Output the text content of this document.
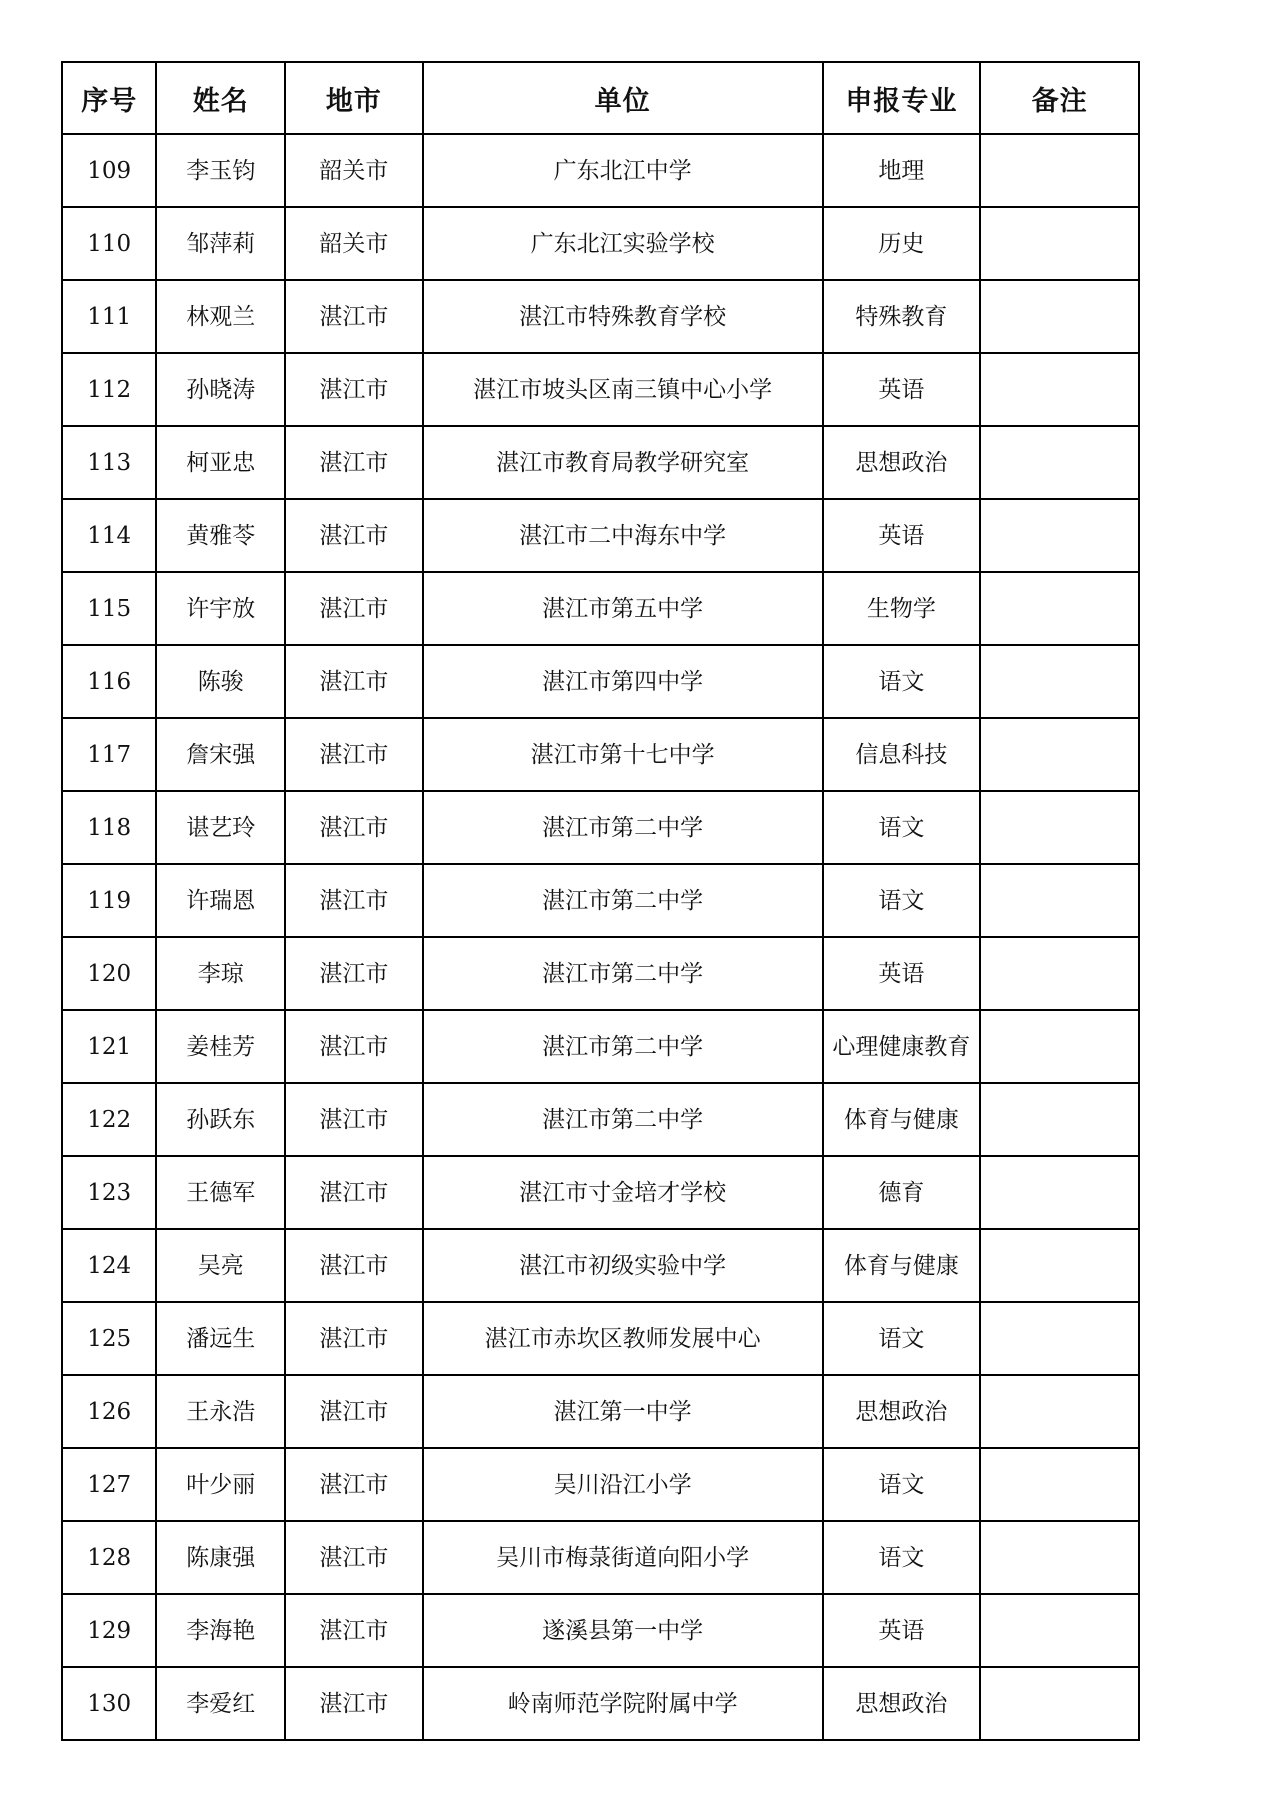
序号	姓名	地市	单位	申报专业	备注
109	李玉钧	韶关市	广东北江中学	地理	
110	邹萍莉	韶关市	广东北江实验学校	历史	
111	林观兰	湛江市	湛江市特殊教育学校	特殊教育	
112	孙晓涛	湛江市	湛江市坡头区南三镇中心小学	英语	
113	柯亚忠	湛江市	湛江市教育局教学研究室	思想政治	
114	黄雅苓	湛江市	湛江市二中海东中学	英语	
115	许宇放	湛江市	湛江市第五中学	生物学	
116	陈骏	湛江市	湛江市第四中学	语文	
117	詹宋强	湛江市	湛江市第十七中学	信息科技	
118	谌艺玲	湛江市	湛江市第二中学	语文	
119	许瑞恩	湛江市	湛江市第二中学	语文	
120	李琼	湛江市	湛江市第二中学	英语	
121	姜桂芳	湛江市	湛江市第二中学	心理健康教育	
122	孙跃东	湛江市	湛江市第二中学	体育与健康	
123	王德军	湛江市	湛江市寸金培才学校	德育	
124	吴亮	湛江市	湛江市初级实验中学	体育与健康	
125	潘远生	湛江市	湛江市赤坎区教师发展中心	语文	
126	王永浩	湛江市	湛江第一中学	思想政治	
127	叶少丽	湛江市	吴川沿江小学	语文	
128	陈康强	湛江市	吴川市梅菉街道向阳小学	语文	
129	李海艳	湛江市	遂溪县第一中学	英语	
130	李爱红	湛江市	岭南师范学院附属中学	思想政治	
